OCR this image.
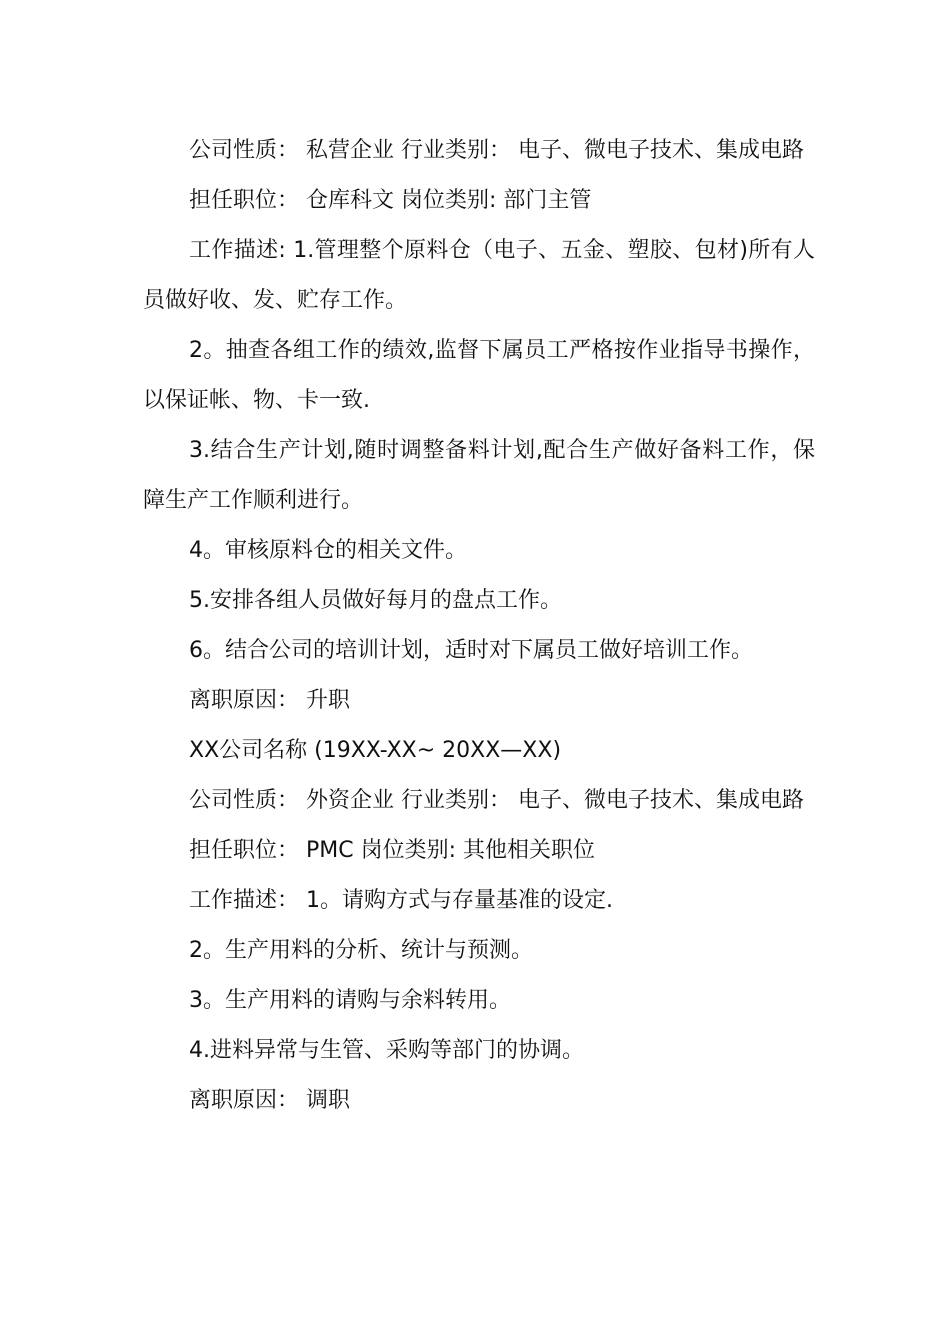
公司性质： 私营企业 行业类别： 电子、微电子技术、集成电路

担任职位： 仓库科文 岗位类别: 部门主管

工作描述: 1.管理整个原料仓（电子、五金、塑胶、包材)所有人员做好收、发、贮存工作。

2。抽查各组工作的绩效,监督下属员工严格按作业指导书操作，以保证帐、物、卡一致.

3.结合生产计划,随时调整备料计划,配合生产做好备料工作，保障生产工作顺利进行。

4。审核原料仓的相关文件。

5.安排各组人员做好每月的盘点工作。

6。结合公司的培训计划，适时对下属员工做好培训工作。

离职原因： 升职

XX公司名称 (19XX-XX~ 20XX—XX)

公司性质： 外资企业 行业类别： 电子、微电子技术、集成电路

担任职位： PMC 岗位类别: 其他相关职位

工作描述： 1。请购方式与存量基准的设定.

2。生产用料的分析、统计与预测。

3。生产用料的请购与余料转用。

4.进料异常与生管、采购等部门的协调。

离职原因： 调职
